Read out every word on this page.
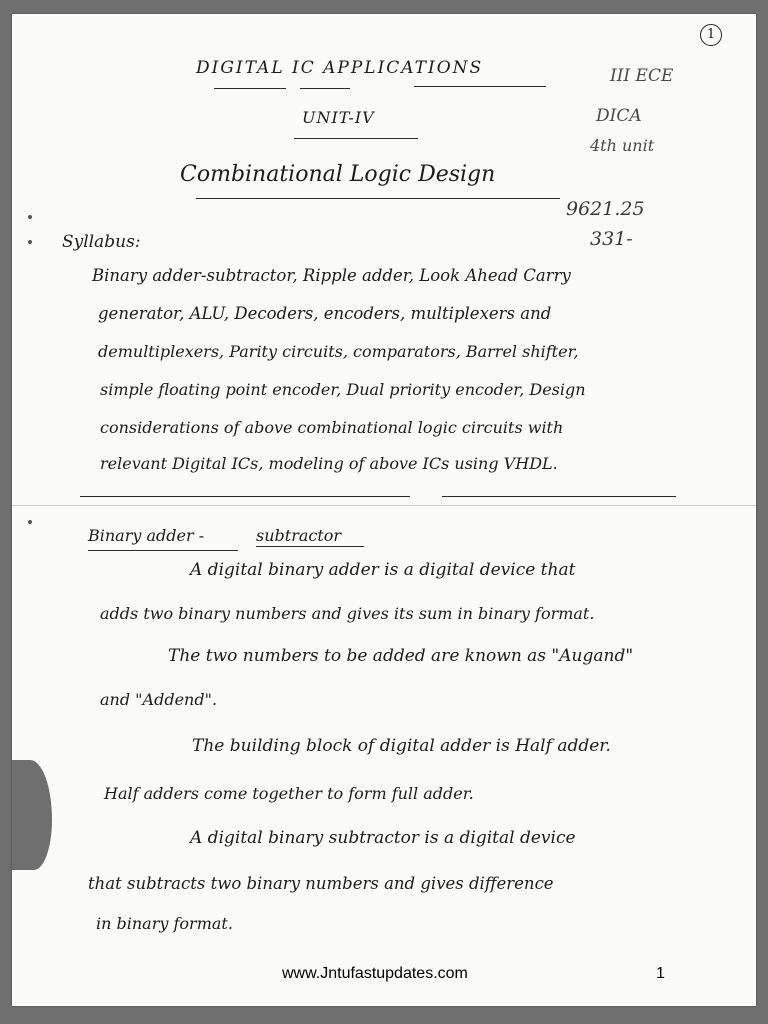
DIGITAL IC APPLICATIONS
1
III ECE
DICA
4th unit
UNIT-IV
Combinational Logic Design
9621.25
331-
Syllabus:
Binary adder-subtractor, Ripple adder, Look Ahead Carry
generator, ALU, Decoders, encoders, multiplexers and
demultiplexers, Parity circuits, comparators, Barrel shifter,
simple floating point encoder, Dual priority encoder, Design
considerations of above combinational logic circuits with
relevant Digital ICs, modeling of above ICs using VHDL.
Binary adder -	subtractor
A digital binary adder is a digital device that
adds two binary numbers and gives its sum in binary format.
The two numbers to be added are known as "Augand"
and "Addend".
The building block of digital adder is Half adder.
Half adders come together to form full adder.
A digital binary subtractor is a digital device
that subtracts two binary numbers and gives difference
in binary format.
www.Jntufastupdates.com	1
